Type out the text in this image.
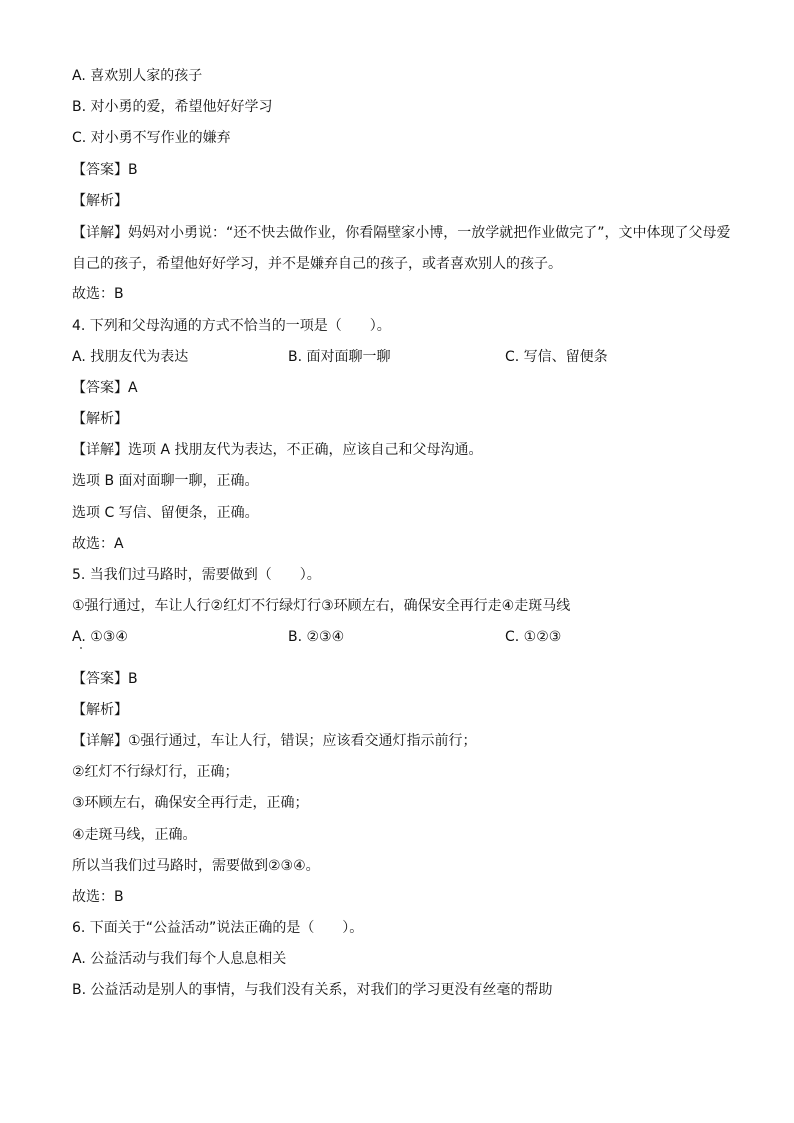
A. 喜欢别人家的孩子
B. 对小勇的爱，希望他好好学习
C. 对小勇不写作业的嫌弃
【答案】B
【解析】
【详解】妈妈对小勇说：“还不快去做作业，你看隔壁家小博，一放学就把作业做完了”，文中体现了父母爱自己的孩子，希望他好好学习，并不是嫌弃自己的孩子，或者喜欢别人的孩子。
故选：B
4. 下列和父母沟通的方式不恰当的一项是（　　）。
A. 找朋友代为表达	B. 面对面聊一聊	C. 写信、留便条
【答案】A
【解析】
【详解】选项 A 找朋友代为表达，不正确，应该自己和父母沟通。
选项 B 面对面聊一聊，正确。
选项 C 写信、留便条，正确。
故选：A
5. 当我们过马路时，需要做到（　　）。
①强行通过，车让人行②红灯不行绿灯行③环顾左右，确保安全再行走④走斑马线
A. ①③④	B. ②③④	C. ①②③
【答案】B
【解析】
【详解】①强行通过，车让人行，错误；应该看交通灯指示前行；
②红灯不行绿灯行，正确；
③环顾左右，确保安全再行走，正确；
④走斑马线，正确。
所以当我们过马路时，需要做到②③④。
故选：B
6. 下面关于“公益活动”说法正确的是（　　）。
A. 公益活动与我们每个人息息相关
B. 公益活动是别人的事情，与我们没有关系，对我们的学习更没有丝毫的帮助
